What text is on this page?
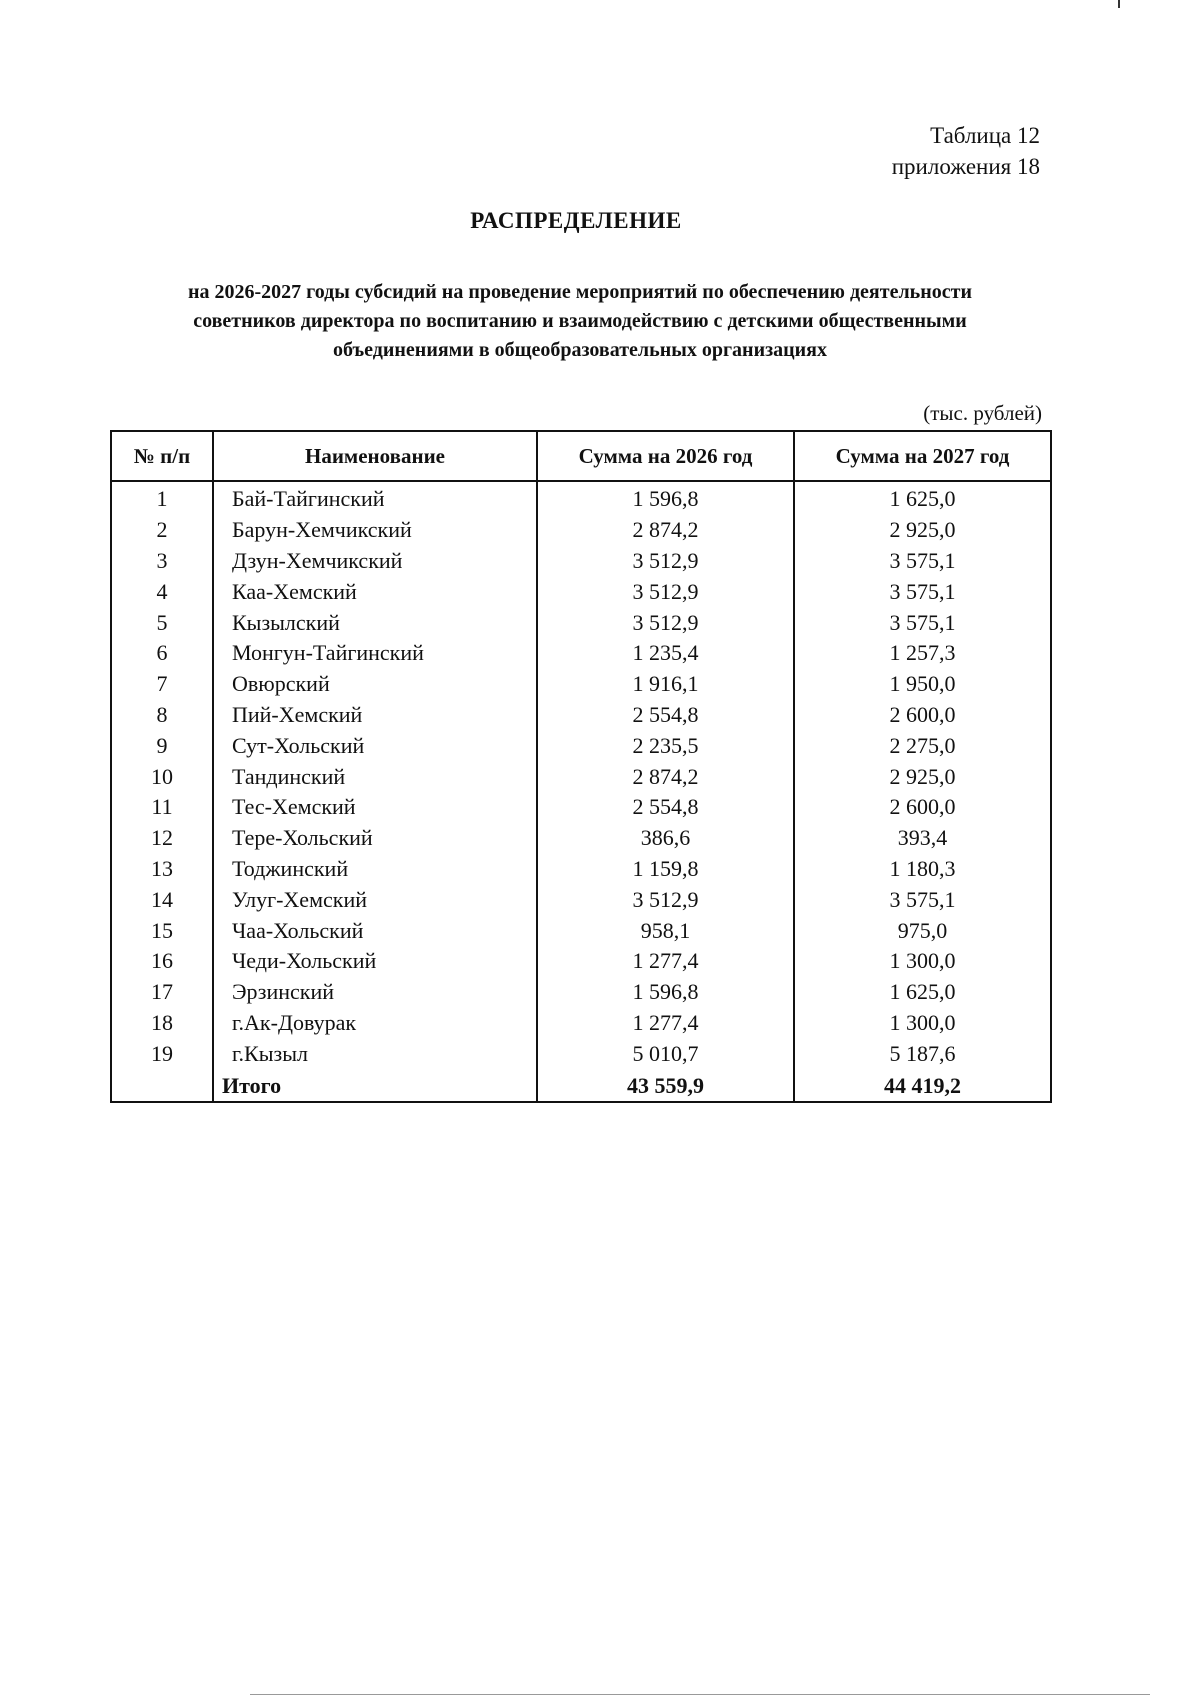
Таблица 12
приложения 18
РАСПРЕДЕЛЕНИЕ
на 2026-2027 годы субсидий на проведение мероприятий по обеспечению деятельности
советников директора по воспитанию и взаимодействию с детскими общественными
объединениями в общеобразовательных организациях
(тыс. рублей)
№ п/п	Наименование	Сумма на 2026 год	Сумма на 2027 год
1	Бай-Тайгинский	1 596,8	1 625,0
2	Барун-Хемчикский	2 874,2	2 925,0
3	Дзун-Хемчикский	3 512,9	3 575,1
4	Каа-Хемский	3 512,9	3 575,1
5	Кызылский	3 512,9	3 575,1
6	Монгун-Тайгинский	1 235,4	1 257,3
7	Овюрский	1 916,1	1 950,0
8	Пий-Хемский	2 554,8	2 600,0
9	Сут-Хольский	2 235,5	2 275,0
10	Тандинский	2 874,2	2 925,0
11	Тес-Хемский	2 554,8	2 600,0
12	Тере-Хольский	386,6	393,4
13	Тоджинский	1 159,8	1 180,3
14	Улуг-Хемский	3 512,9	3 575,1
15	Чаа-Хольский	958,1	975,0
16	Чеди-Хольский	1 277,4	1 300,0
17	Эрзинский	1 596,8	1 625,0
18	г.Ак-Довурак	1 277,4	1 300,0
19	г.Кызыл	5 010,7	5 187,6
	Итого	43 559,9	44 419,2
